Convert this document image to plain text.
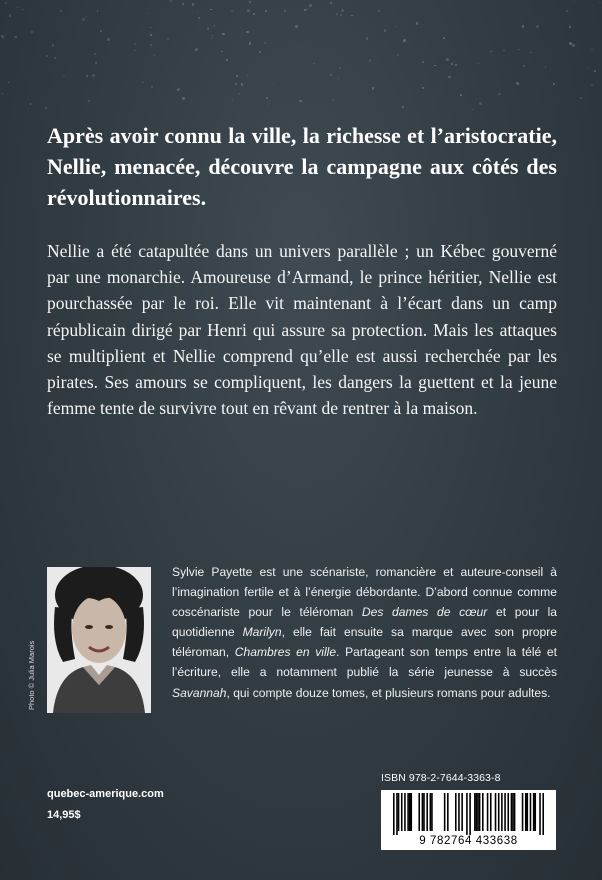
Après avoir connu la ville, la richesse et l’aristocratie, Nellie, menacée, découvre la campagne aux côtés des révolutionnaires.

Nellie a été catapultée dans un univers parallèle ; un Kébec gouverné par une monarchie. Amoureuse d’Armand, le prince héritier, Nellie est pourchassée par le roi. Elle vit maintenant à l’écart dans un camp républicain dirigé par Henri qui assure sa protection. Mais les attaques se multiplient et Nellie comprend qu’elle est aussi recherchée par les pirates. Ses amours se compliquent, les dangers la guettent et la jeune femme tente de survivre tout en rêvant de rentrer à la maison.

Photo © Julia Marois

Sylvie Payette est une scénariste, romancière et auteure-conseil à l’imagination fertile et à l’énergie débordante. D’abord connue comme coscénariste pour le téléroman Des dames de cœur et pour la quotidienne Marilyn, elle fait ensuite sa marque avec son propre téléroman, Chambres en ville. Partageant son temps entre la télé et l’écriture, elle a notamment publié la série jeunesse à succès Savannah, qui compte douze tomes, et plusieurs romans pour adultes.

quebec-amerique.com
14,95$
ISBN 978-2-7644-3363-8
9 782764 433638
